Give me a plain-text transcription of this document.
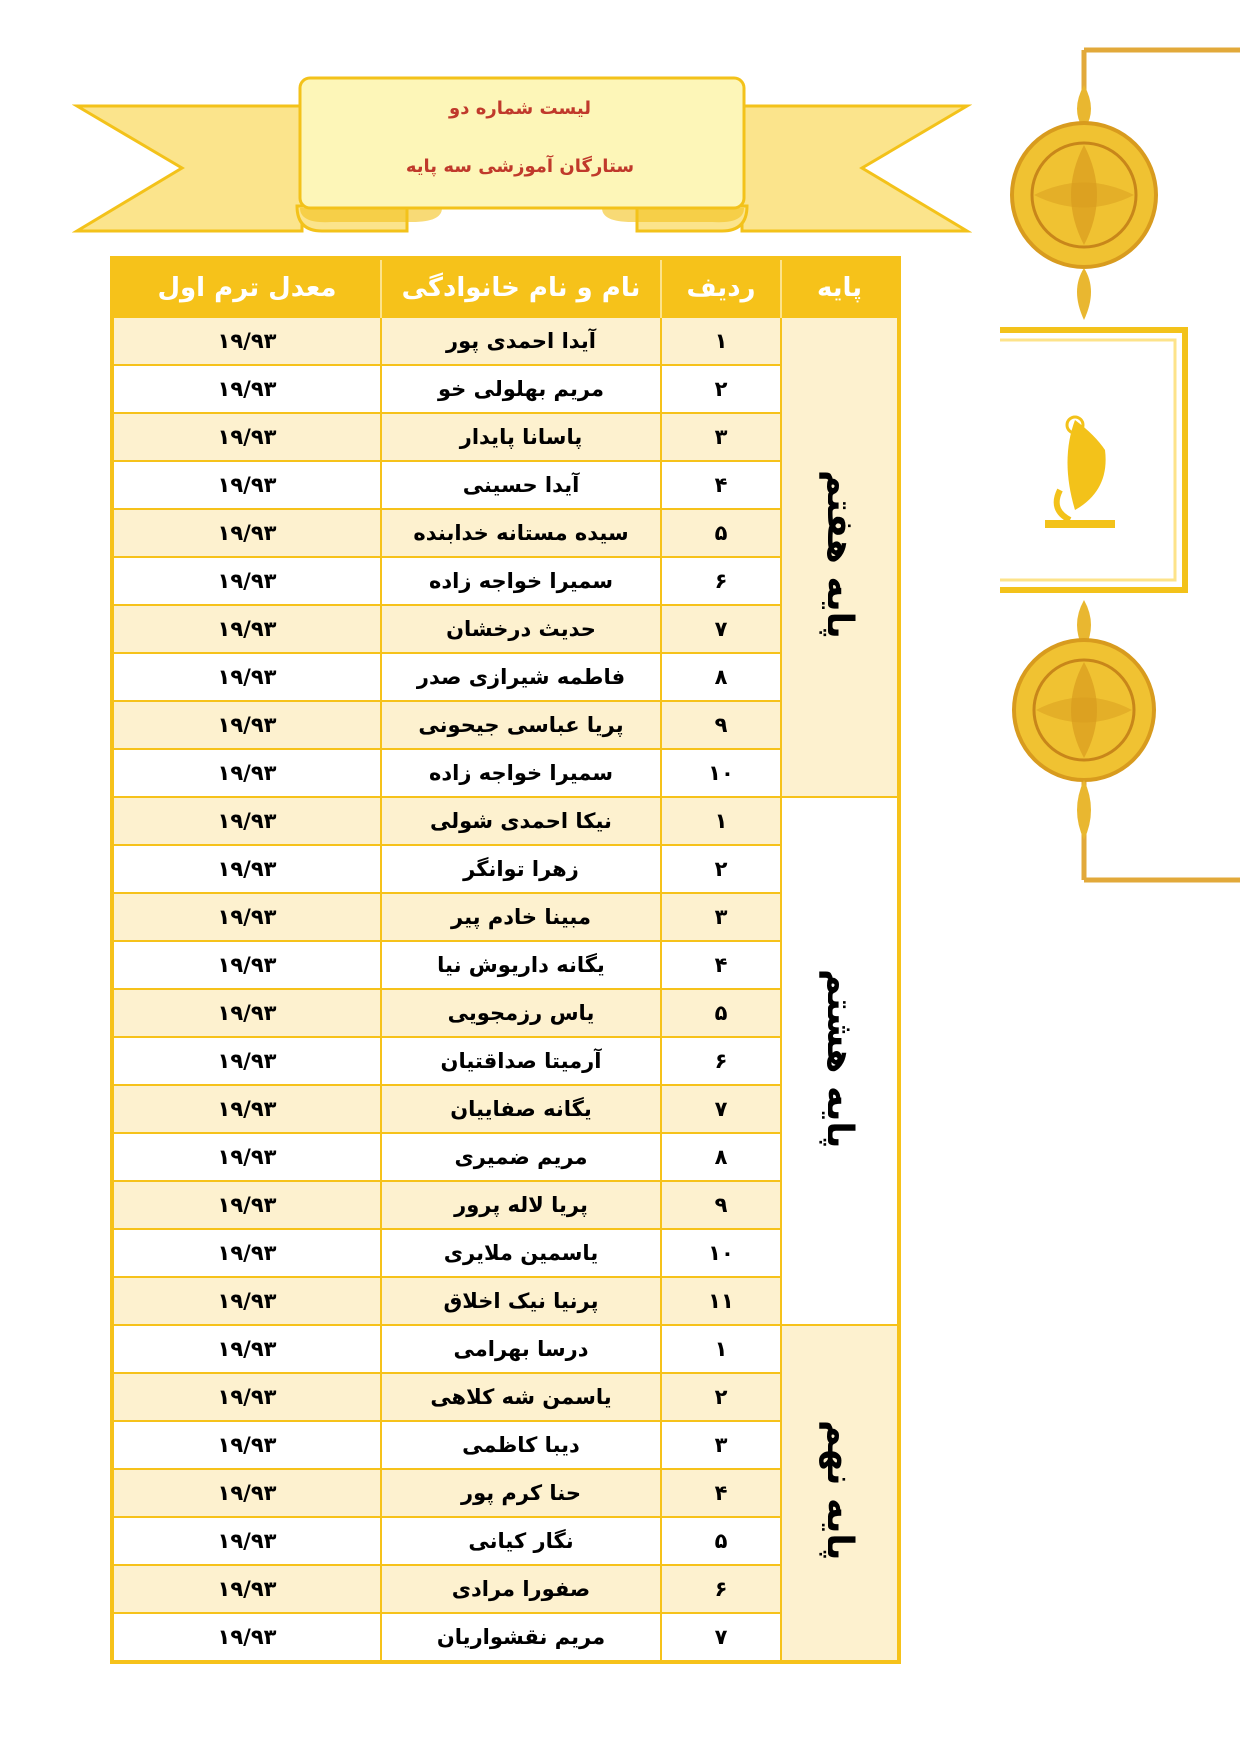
لیست شماره دو
ستارگان آموزشی سه پایه
پایه	ردیف	نام و نام خانوادگی	معدل ترم اول
پایه هفتم	۱	آیدا احمدی پور	۱۹/۹۳
	۲	مریم بهلولی خو	۱۹/۹۳
	۳	پاسانا پایدار	۱۹/۹۳
	۴	آیدا حسینی	۱۹/۹۳
	۵	سیده مستانه خدابنده	۱۹/۹۳
	۶	سمیرا خواجه زاده	۱۹/۹۳
	۷	حدیث درخشان	۱۹/۹۳
	۸	فاطمه شیرازی صدر	۱۹/۹۳
	۹	پریا عباسی جیحونی	۱۹/۹۳
	۱۰	سمیرا خواجه زاده	۱۹/۹۳
پایه هشتم	۱	نیکا احمدی شولی	۱۹/۹۳
	۲	زهرا توانگر	۱۹/۹۳
	۳	مبینا خادم پیر	۱۹/۹۳
	۴	یگانه داریوش نیا	۱۹/۹۳
	۵	یاس رزمجویی	۱۹/۹۳
	۶	آرمیتا صداقتیان	۱۹/۹۳
	۷	یگانه صفاییان	۱۹/۹۳
	۸	مریم ضمیری	۱۹/۹۳
	۹	پریا لاله پرور	۱۹/۹۳
	۱۰	یاسمین ملایری	۱۹/۹۳
	۱۱	پرنیا نیک اخلاق	۱۹/۹۳
پایه نهم	۱	درسا بهرامی	۱۹/۹۳
	۲	یاسمن شه کلاهی	۱۹/۹۳
	۳	دیبا کاظمی	۱۹/۹۳
	۴	حنا کرم پور	۱۹/۹۳
	۵	نگار کیانی	۱۹/۹۳
	۶	صفورا مرادی	۱۹/۹۳
	۷	مریم نقشواریان	۱۹/۹۳
